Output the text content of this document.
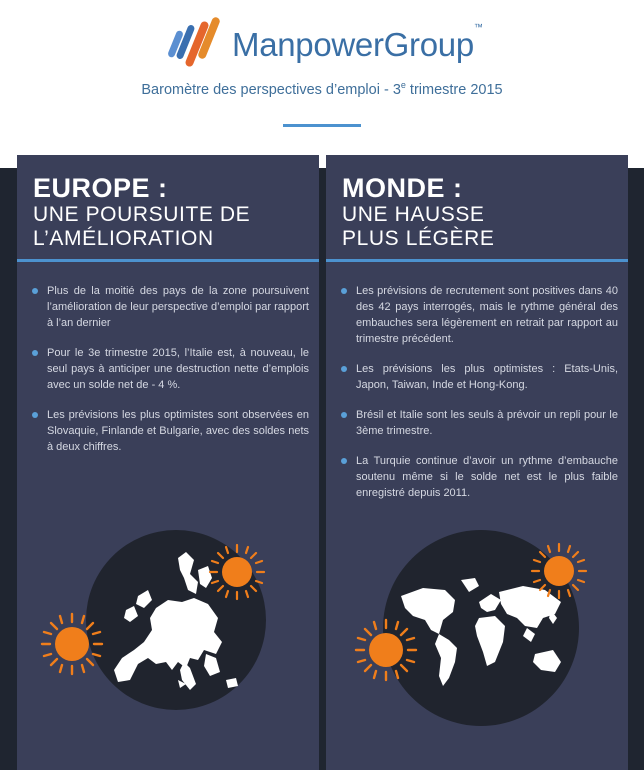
ManpowerGroup™
Baromètre des perspectives d’emploi - 3e trimestre 2015
EUROPE :
UNE POURSUITE DE
L’AMÉLIORATION
Plus de la moitié des pays de la zone poursuivent l’amélioration de leur perspective d’emploi par rapport à l’an dernier
Pour le 3e trimestre 2015, l’Italie est, à nouveau, le seul pays à anticiper une destruction nette d’emplois avec un solde net de - 4 %.
Les prévisions les plus optimistes sont observées en Slovaquie, Finlande et Bulgarie, avec des soldes nets à deux chiffres.
MONDE :
UNE HAUSSE
PLUS LÉGÈRE
Les prévisions de recrutement sont positives dans 40 des 42 pays interrogés, mais le rythme général des embauches sera légèrement en retrait par rapport au trimestre précédent.
Les prévisions les plus optimistes : Etats-Unis, Japon, Taiwan, Inde et Hong-Kong.
Brésil et Italie sont les seuls à prévoir un repli pour le 3ème trimestre.
La Turquie continue d’avoir un rythme d’embauche soutenu même si le solde net est le plus faible enregistré depuis 2011.
